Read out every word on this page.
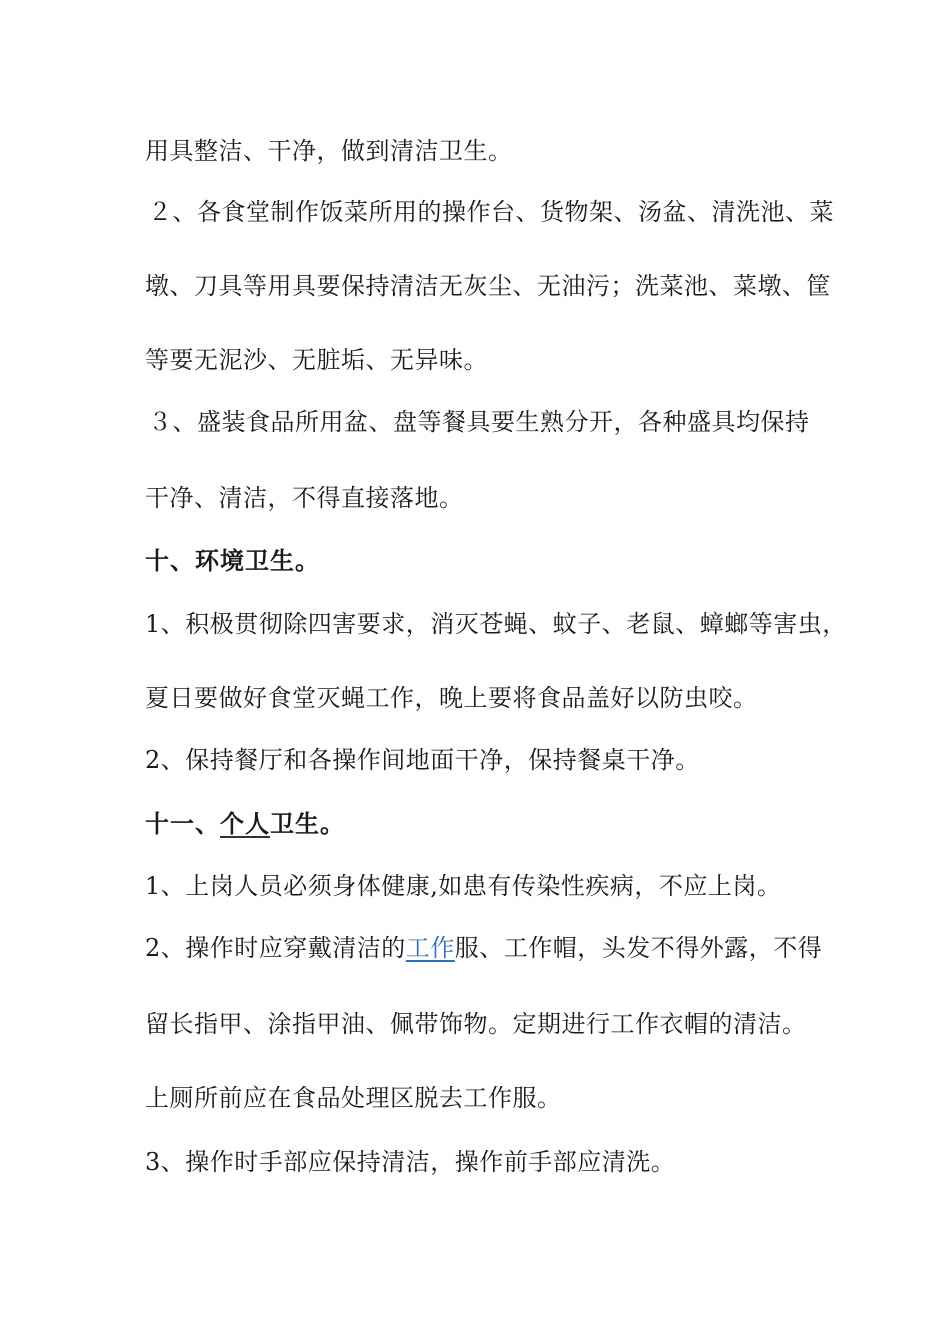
用具整洁、干净，做到清洁卫生。
２、各食堂制作饭菜所用的操作台、货物架、汤盆、清洗池、菜
墩、刀具等用具要保持清洁无灰尘、无油污；洗菜池、菜墩、筐
等要无泥沙、无脏垢、无异味。
３、盛装食品所用盆、盘等餐具要生熟分开，各种盛具均保持
干净、清洁，不得直接落地。
十、环境卫生。
1、积极贯彻除四害要求，消灭苍蝇、蚊子、老鼠、蟑螂等害虫，
夏日要做好食堂灭蝇工作，晚上要将食品盖好以防虫咬。
2、保持餐厅和各操作间地面干净，保持餐桌干净。
十一、个人卫生。
1、上岗人员必须身体健康,如患有传染性疾病，不应上岗。
2、操作时应穿戴清洁的工作服、工作帽，头发不得外露，不得
留长指甲、涂指甲油、佩带饰物。定期进行工作衣帽的清洁。
上厕所前应在食品处理区脱去工作服。
3、操作时手部应保持清洁，操作前手部应清洗。
